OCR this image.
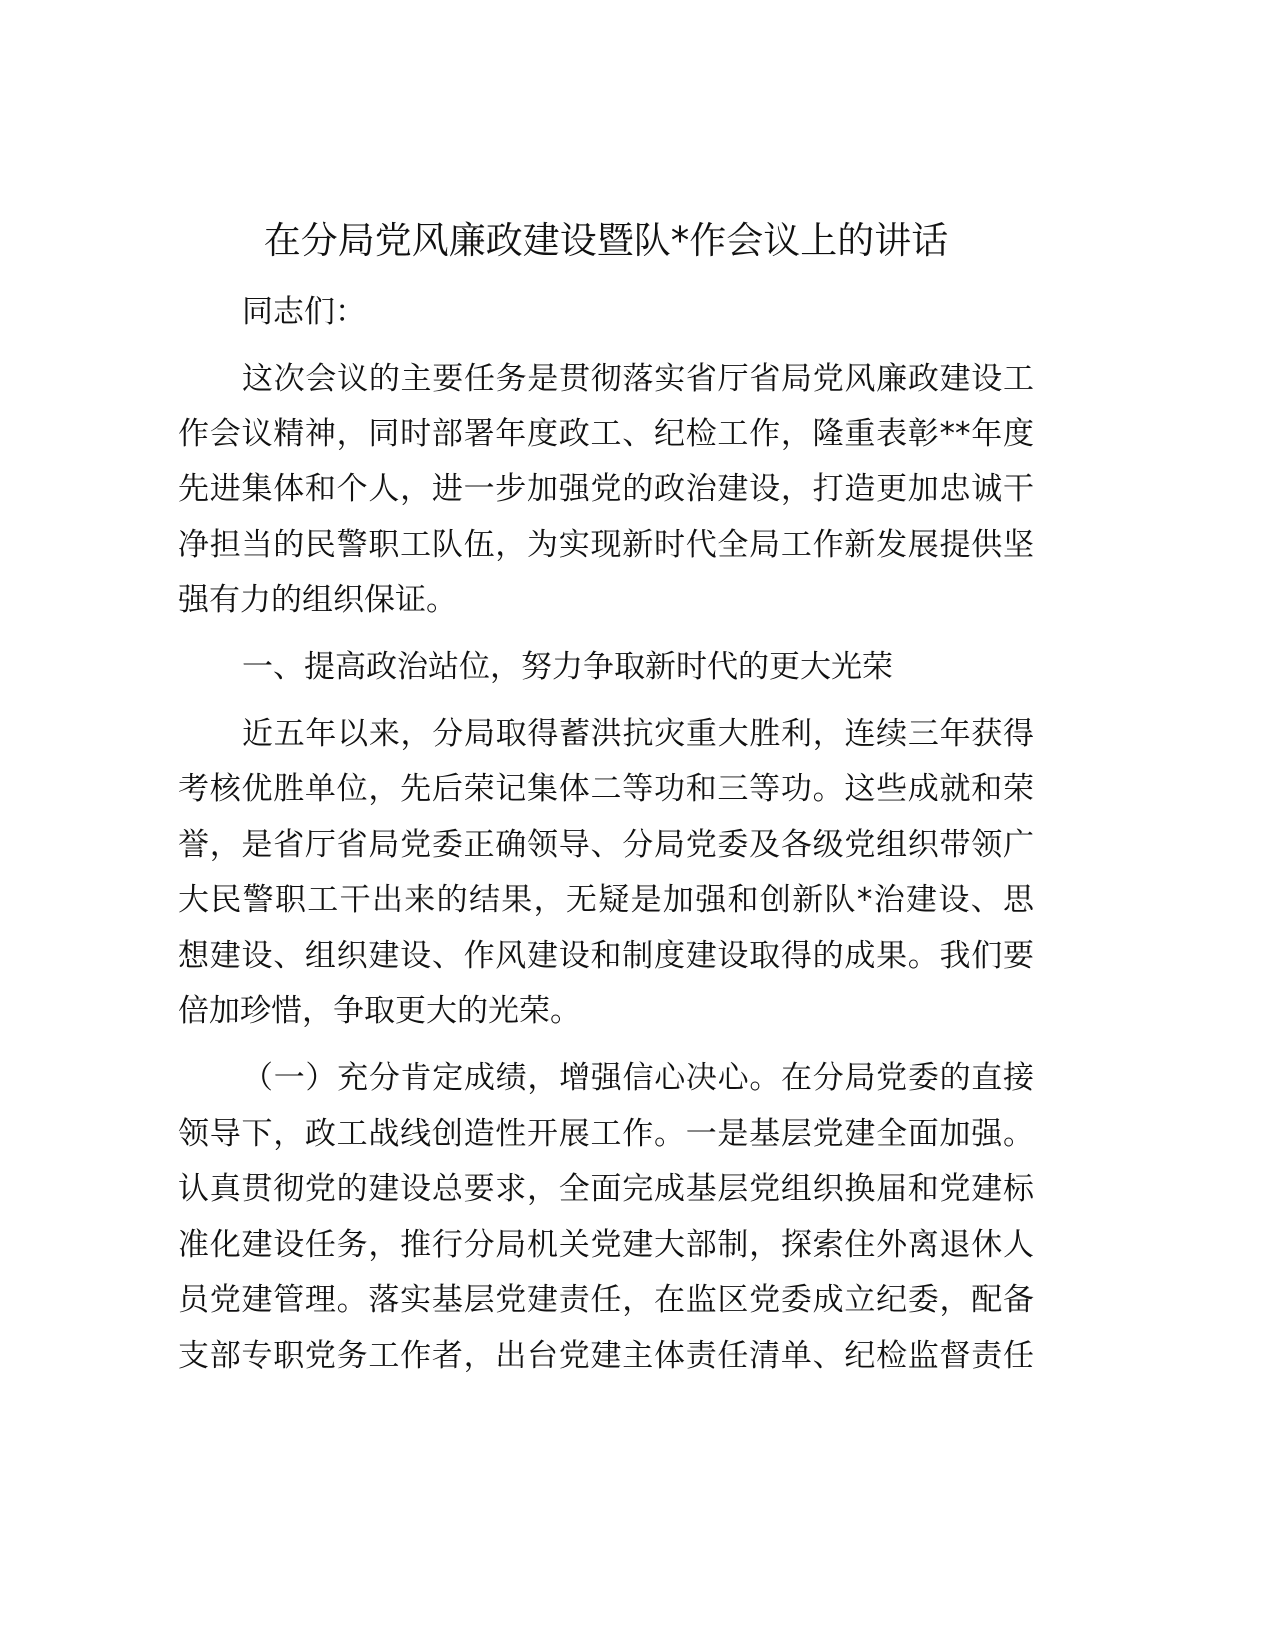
在分局党风廉政建设暨队*作会议上的讲话
同志们：
这次会议的主要任务是贯彻落实省厅省局党风廉政建设工
作会议精神，同时部署年度政工、纪检工作，隆重表彰**年度
先进集体和个人，进一步加强党的政治建设，打造更加忠诚干
净担当的民警职工队伍，为实现新时代全局工作新发展提供坚
强有力的组织保证。
一、提高政治站位，努力争取新时代的更大光荣
近五年以来，分局取得蓄洪抗灾重大胜利，连续三年获得
考核优胜单位，先后荣记集体二等功和三等功。这些成就和荣
誉，是省厅省局党委正确领导、分局党委及各级党组织带领广
大民警职工干出来的结果，无疑是加强和创新队*治建设、思
想建设、组织建设、作风建设和制度建设取得的成果。我们要
倍加珍惜，争取更大的光荣。
（一）充分肯定成绩，增强信心决心。在分局党委的直接
领导下，政工战线创造性开展工作。一是基层党建全面加强。
认真贯彻党的建设总要求，全面完成基层党组织换届和党建标
准化建设任务，推行分局机关党建大部制，探索住外离退休人
员党建管理。落实基层党建责任，在监区党委成立纪委，配备
支部专职党务工作者，出台党建主体责任清单、纪检监督责任
